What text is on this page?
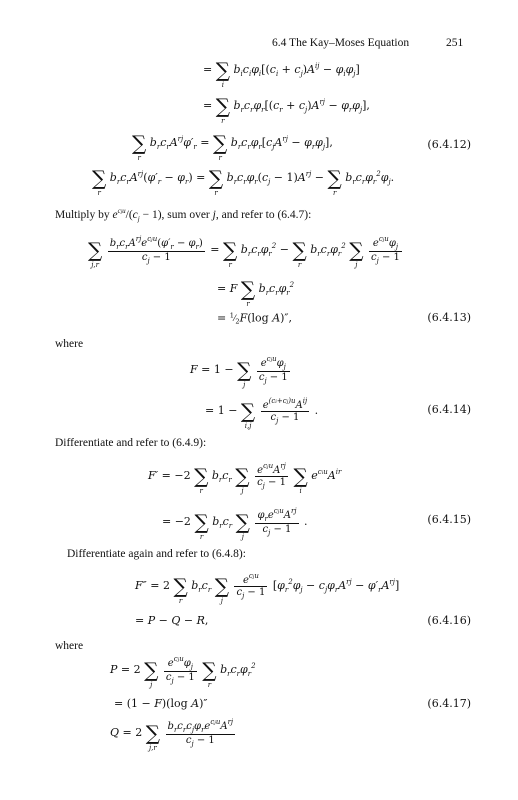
6.4 The Kay–Moses Equation	251
= ∑
i
$b_ic_i\varphi_i[(c_i + c_j)A^{ij} - \varphi_i\varphi_j]$
= ∑
r
$b_rc_r\varphi_r[(c_r + c_j)A^{rj} - \varphi_r\varphi_j]$,
∑
r
$b_rc_rA^{rj}\varphi'_r$ = ∑
r
$b_rc_r\varphi_r[c_jA^{rj} - \varphi_r\varphi_j]$,	(6.4.12)
∑
r
$b_rc_rA^{rj}(\varphi'_r - \varphi_r)$ = ∑
r
$b_rc_r\varphi_r(c_j - 1)A^{rj}$ − ∑
r
$b_rc_r\varphi_r^2\varphi_j$.
Multiply by $e^{cju}/(c_j - 1)$, sum over j, and refer to (6.4.7):
∑
j,r
$\frac{b_rc_rA^{rj}e^{cju}(\varphi'_r - \varphi_r)}{c_j - 1}$ = ∑
r
$b_rc_r\varphi_r^2$ − ∑
r
$b_rc_r\varphi_r^2$ ∑
j
	$\frac{e^{cju}\varphi_j}{c_j - 1}$
= F ∑
r
$b_rc_r\varphi_r^2$
= $^1⁄_2F(\log$ A)″,	(6.4.13)
where
F = 1 − ∑
j
	$\frac{e^{cju}\varphi_j}{c_j - 1}$
= 1 − ∑
i,j

$\frac{e^{(ci+cj)u}A^{ij}}{c_j - 1}$ .	(6.4.14)
Differentiate and refer to (6.4.9):
F′ = −2 ∑
r
$b_rc_r$ ∑
j

$\frac{e^{cju}A^{rj}}{c_j - 1}$ ∑
i
$e^{ciu}A^{ir}$
= −2 ∑
r
$b_rc_r$ ∑
j
	$\frac{\varphi_re^{cju}A^{rj}}{c_j - 1}$ .	(6.4.15)
Differentiate again and refer to (6.4.8):
F″ = 2 ∑
r
$b_rc_r$ ∑
j

$\frac{e^{cju}}{c_j - 1} [\varphi_r^2\varphi_j - c_j\varphi_rA^{rj} - \varphi'_rA^{rj}]$
= P − Q − R,	(6.4.16)
where
P = 2 ∑
j
	$\frac{e^{cju}\varphi_j}{c_j - 1}$ ∑
r
$b_rc_r\varphi_r^2$
= (1 − F)(log A)″	(6.4.17)
Q = 2 ∑
j,r
$\frac{b_rc_rc_j\varphi_re^{cju}A^{rj}}{c_j - 1}$
